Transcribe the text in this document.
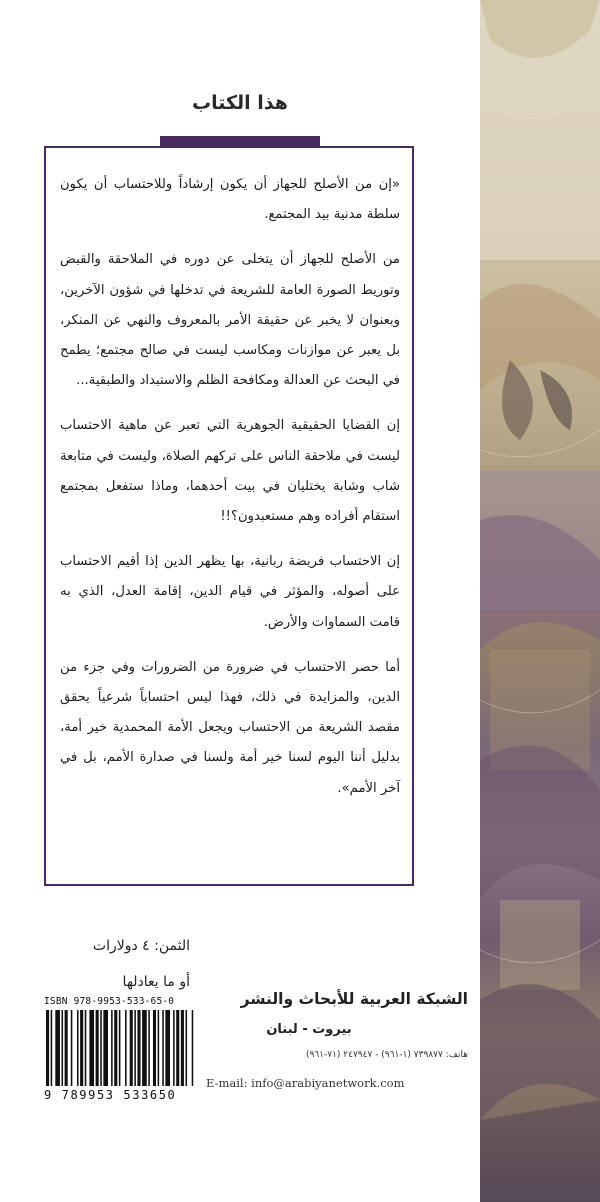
هذا الكتاب

«إن من الأصلح للجهاز أن يكون إرشاداً وللاحتساب أن يكون سلطة مدنية بيد المجتمع.

من الأصلح للجهاز أن يتخلى عن دوره في الملاحقة والقبض وتوريط الصورة العامة للشريعة في تدخلها في شؤون الآخرين، وبعنوان لا يخبر عن حقيقة الأمر بالمعروف والنهي عن المنكر، بل يعبر عن موازنات ومكاسب ليست في صالح مجتمع؛ يطمح في البحث عن العدالة ومكافحة الظلم والاستبداد والطبقية...

إن القضايا الحقيقية الجوهرية التي تعبر عن ماهية الاحتساب ليست في ملاحقة الناس على تركهم الصلاة، وليست في متابعة شاب وشابة يختليان في بيت أحدهما، وماذا ستفعل بمجتمع استقام أفراده وهم مستعبدون؟!!

إن الاحتساب فريضة ربانية، بها يظهر الدين إذا أقيم الاحتساب على أصوله، والمؤثر في قيام الدين، إقامة العدل، الذي به قامت السماوات والأرض.

أما حصر الاحتساب في ضرورة من الضرورات وفي جزء من الدين، والمزايدة في ذلك، فهذا ليس احتساباً شرعياً يحقق مقصد الشريعة من الاحتساب ويجعل الأمة المحمدية خير أمة، بدليل أننا اليوم لسنا خير أمة ولسنا في صدارة الأمم، بل في آخر الأمم».

الثمن: ٤ دولارات
أو ما يعادلها
ISBN 978-9953-533-65-0
9 789953 533650
الشبكة العربية للأبحاث والنشر
بيروت - لبنان
هاتف: ٧٣٩٨٧٧ (١-٩٦١) - ٢٤٧٩٤٧ (٧١-٩٦١)
E-mail: info@arabiyanetwork.com
